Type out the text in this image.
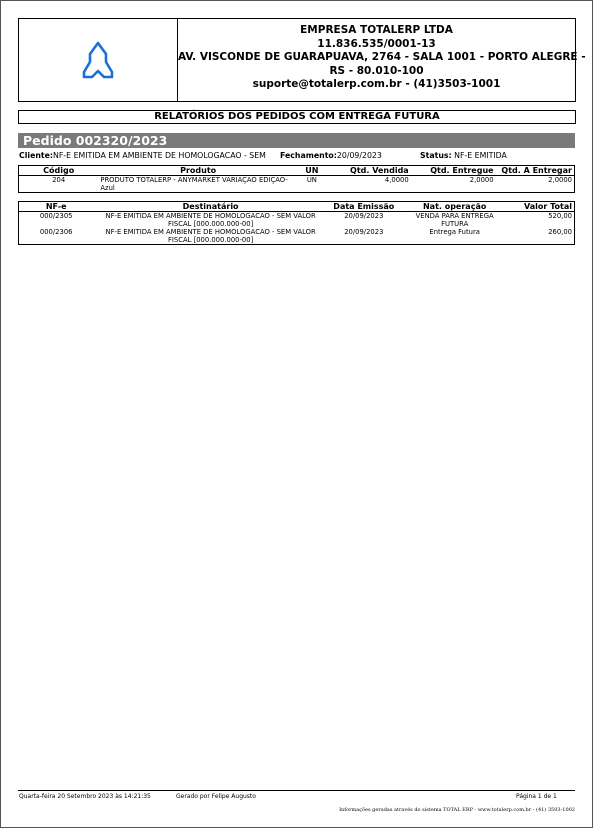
EMPRESA TOTALERP LTDA
11.836.535/0001-13
AV. VISCONDE DE GUARAPUAVA, 2764 - SALA 1001 - PORTO ALEGRE -
RS - 80.010-100
suporte@totalerp.com.br - (41)3503-1001
RELATÓRIOS DOS PEDIDOS COM ENTREGA FUTURA
Pedido 002320/2023
Cliente:NF-E EMITIDA EM AMBIENTE DE HOMOLOGACAO - SEM Fechamento:20/09/2023	Status: NF-E EMITIDA
Código	Produto	UN	Qtd. Vendida	Qtd. Entregue	Qtd. A Entregar
204	PRODUTO TOTALERP - ANYMARKET VARIAÇÃO EDIÇÃO- Azul	UN	4,0000	2,0000	2,0000
NF-e	Destinatário	Data Emissão	Nat. operação	Valor Total
000/2305	NF-E EMITIDA EM AMBIENTE DE HOMOLOGACAO - SEM VALOR FISCAL [000.000.000-00]	20/09/2023	VENDA PARA ENTREGA FUTURA	520,00
000/2306	NF-E EMITIDA EM AMBIENTE DE HOMOLOGACAO - SEM VALOR FISCAL [000.000.000-00]	20/09/2023	Entrega Futura	260,00
Quarta-feira 20 Setembro 2023 às 14:21:35	Gerado por Felipe Augusto	Página 1 de 1
Informações geradas através do sistema TOTAL ERP - www.totalerp.com.br - (41) 3503-1002
